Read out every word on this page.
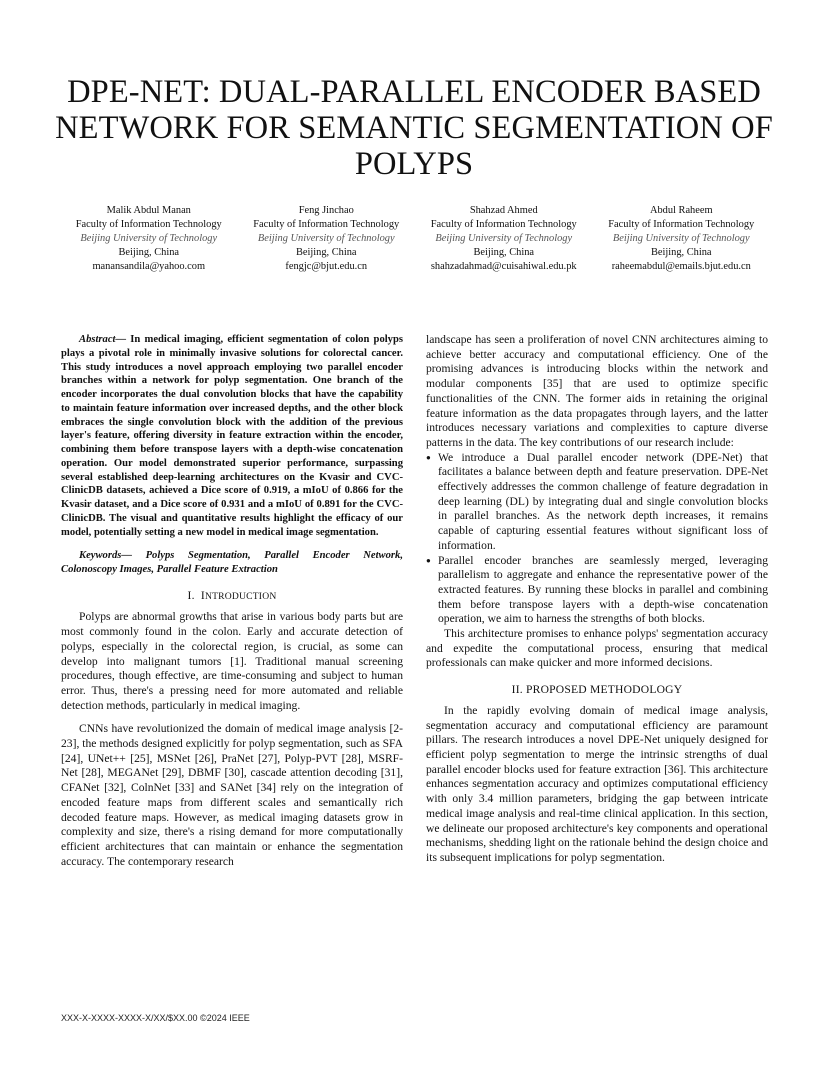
DPE-NET: DUAL-PARALLEL ENCODER BASED NETWORK FOR SEMANTIC SEGMENTATION OF POLYPS
Malik Abdul Manan
Faculty of Information Technology
Beijing University of Technology
Beijing, China
manansandila@yahoo.com
Feng Jinchao
Faculty of Information Technology
Beijing University of Technology
Beijing, China
fengjc@bjut.edu.cn
Shahzad Ahmed
Faculty of Information Technology
Beijing University of Technology
Beijing, China
shahzadahmad@cuisahiwal.edu.pk
Abdul Raheem
Faculty of Information Technology
Beijing University of Technology
Beijing, China
raheemabdul@emails.bjut.edu.cn

Abstract— In medical imaging, efficient segmentation of colon polyps plays a pivotal role in minimally invasive solutions for colorectal cancer. This study introduces a novel approach employing two parallel encoder branches within a network for polyp segmentation. One branch of the encoder incorporates the dual convolution blocks that have the capability to maintain feature information over increased depths, and the other block embraces the single convolution block with the addition of the previous layer's feature, offering diversity in feature extraction within the encoder, combining them before transpose layers with a depth-wise concatenation operation. Our model demonstrated superior performance, surpassing several established deep-learning architectures on the Kvasir and CVC-ClinicDB datasets, achieved a Dice score of 0.919, a mIoU of 0.866 for the Kvasir dataset, and a Dice score of 0.931 and a mIoU of 0.891 for the CVC-ClinicDB. The visual and quantitative results highlight the efficacy of our model, potentially setting a new model in medical image segmentation.

Keywords— Polyps Segmentation, Parallel Encoder Network, Colonoscopy Images, Parallel Feature Extraction

I. INTRODUCTION

Polyps are abnormal growths that arise in various body parts but are most commonly found in the colon. Early and accurate detection of polyps, especially in the colorectal region, is crucial, as some can develop into malignant tumors [1]. Traditional manual screening procedures, though effective, are time-consuming and subject to human error. Thus, there's a pressing need for more automated and reliable detection methods, particularly in medical imaging.

CNNs have revolutionized the domain of medical image analysis [2-23], the methods designed explicitly for polyp segmentation, such as SFA [24], UNet++ [25], MSNet [26], PraNet [27], Polyp-PVT [28], MSRF-Net [28], MEGANet [29], DBMF [30], cascade attention decoding [31], CFANet [32], ColnNet [33] and SANet [34] rely on the integration of encoded feature maps from different scales and semantically rich decoded feature maps. However, as medical imaging datasets grow in complexity and size, there's a rising demand for more computationally efficient architectures that can maintain or enhance the segmentation accuracy. The contemporary research

landscape has seen a proliferation of novel CNN architectures aiming to achieve better accuracy and computational efficiency. One of the promising advances is introducing blocks within the network and modular components [35] that are used to optimize specific functionalities of the CNN. The former aids in retaining the original feature information as the data propagates through layers, and the latter introduces necessary variations and complexities to capture diverse patterns in the data. The key contributions of our research include:

● We introduce a Dual parallel encoder network (DPE-Net) that facilitates a balance between depth and feature preservation. DPE-Net effectively addresses the common challenge of feature degradation in deep learning (DL) by integrating dual and single convolution blocks in parallel branches. As the network depth increases, it remains capable of capturing essential features without significant loss of information.
● Parallel encoder branches are seamlessly merged, leveraging parallelism to aggregate and enhance the representative power of the extracted features. By running these blocks in parallel and combining them before transpose layers with a depth-wise concatenation operation, we aim to harness the strengths of both blocks.

This architecture promises to enhance polyps' segmentation accuracy and expedite the computational process, ensuring that medical professionals can make quicker and more informed decisions.

II. PROPOSED METHODOLOGY

In the rapidly evolving domain of medical image analysis, segmentation accuracy and computational efficiency are paramount pillars. The research introduces a novel DPE-Net uniquely designed for efficient polyp segmentation to merge the intrinsic strengths of dual parallel encoder blocks used for feature extraction [36]. This architecture enhances segmentation accuracy and optimizes computational efficiency with only 3.4 million parameters, bridging the gap between intricate medical image analysis and real-time clinical application. In this section, we delineate our proposed architecture's key components and operational mechanisms, shedding light on the rationale behind the design choice and its subsequent implications for polyp segmentation.

XXX-X-XXXX-XXXX-X/XX/$XX.00 ©2024 IEEE
